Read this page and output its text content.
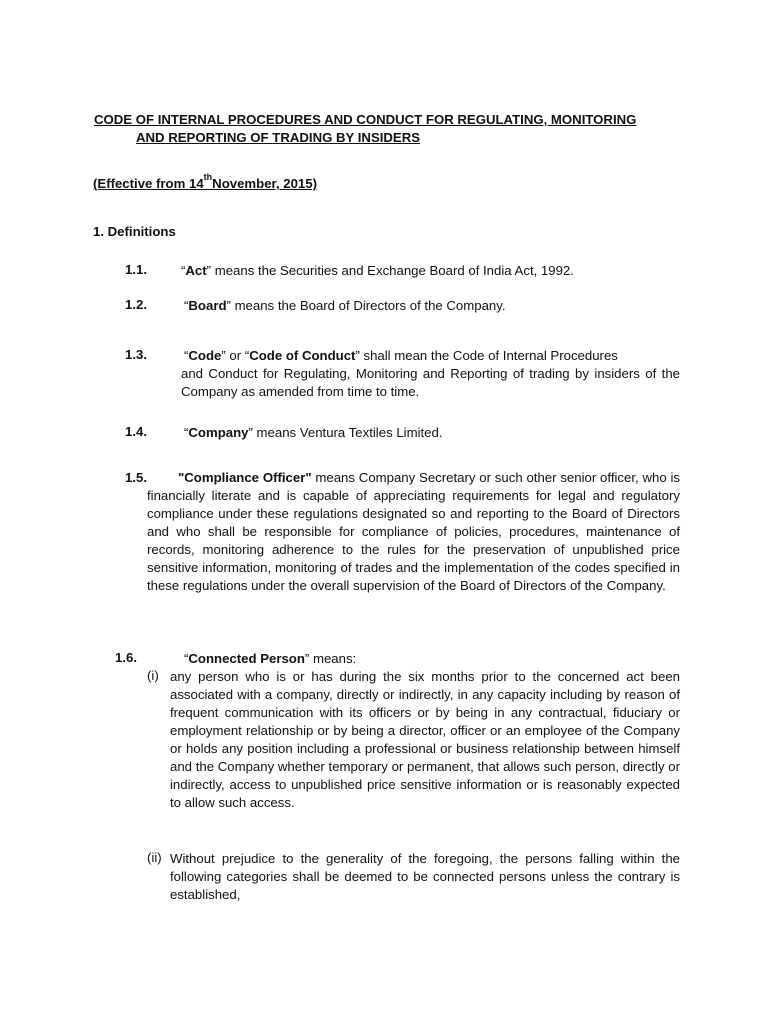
CODE OF INTERNAL PROCEDURES AND CONDUCT FOR REGULATING, MONITORING
AND REPORTING OF TRADING BY INSIDERS
(Effective from 14thNovember, 2015)
1. Definitions
1.1.	“Act” means the Securities and Exchange Board of India Act, 1992.
1.2.	“Board” means the Board of Directors of the Company.
1.3.	“Code” or “Code of Conduct” shall mean the Code of Internal Procedures
and Conduct for Regulating, Monitoring and Reporting of trading by insiders of the Company as amended from time to time.
1.4.	“Company” means Ventura Textiles Limited.
1.5. "Compliance Officer" means Company Secretary or such other senior officer, who is financially literate and is capable of appreciating requirements for legal and regulatory compliance under these regulations designated so and reporting to the Board of Directors and who shall be responsible for compliance of policies, procedures, maintenance of records, monitoring adherence to the rules for the preservation of unpublished price sensitive information, monitoring of trades and the implementation of the codes specified in these regulations under the overall supervision of the Board of Directors of the Company.
1.6.	“Connected Person” means:
(i) any person who is or has during the six months prior to the concerned act been associated with a company, directly or indirectly, in any capacity including by reason of frequent communication with its officers or by being in any contractual, fiduciary or employment relationship or by being a director, officer or an employee of the Company or holds any position including a professional or business relationship between himself and the Company whether temporary or permanent, that allows such person, directly or indirectly, access to unpublished price sensitive information or is reasonably expected to allow such access.
(ii) Without prejudice to the generality of the foregoing, the persons falling within the following categories shall be deemed to be connected persons unless the contrary is established,
